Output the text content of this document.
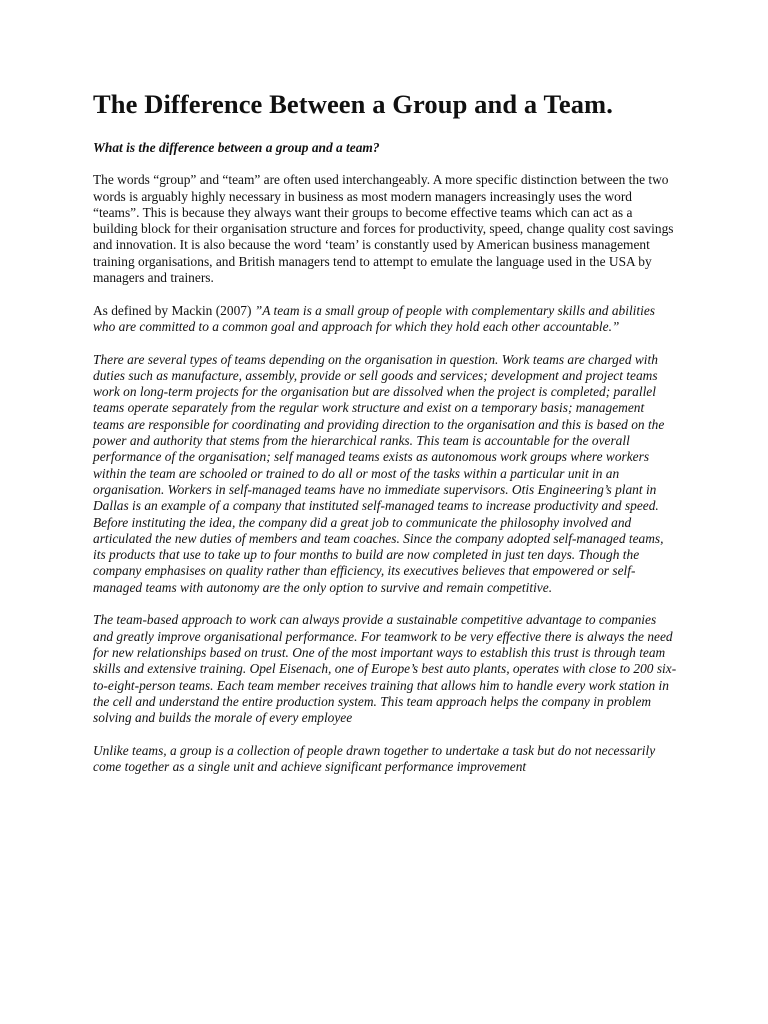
The Difference Between a Group and a Team.

What is the difference between a group and a team?

The words “group” and “team” are often used interchangeably. A more specific distinction between the two words is arguably highly necessary in business as most modern managers increasingly uses the word “teams”. This is because they always want their groups to become effective teams which can act as a building block for their organisation structure and forces for productivity, speed, change quality cost savings and innovation. It is also because the word ‘team’ is constantly used by American business management training organisations, and British managers tend to attempt to emulate the language used in the USA by managers and trainers.

As defined by Mackin (2007) ”A team is a small group of people with complementary skills and abilities who are committed to a common goal and approach for which they hold each other accountable.”

There are several types of teams depending on the organisation in question. Work teams are charged with duties such as manufacture, assembly, provide or sell goods and services; development and project teams work on long-term projects for the organisation but are dissolved when the project is completed; parallel teams operate separately from the regular work structure and exist on a temporary basis; management teams are responsible for coordinating and providing direction to the organisation and this is based on the power and authority that stems from the hierarchical ranks. This team is accountable for the overall performance of the organisation; self managed teams exists as autonomous work groups where workers within the team are schooled or trained to do all or most of the tasks within a particular unit in an organisation. Workers in self-managed teams have no immediate supervisors. Otis Engineering’s plant in Dallas is an example of a company that instituted self-managed teams to increase productivity and speed. Before instituting the idea, the company did a great job to communicate the philosophy involved and articulated the new duties of members and team coaches. Since the company adopted self-managed teams, its products that use to take up to four months to build are now completed in just ten days. Though the company emphasises on quality rather than efficiency, its executives believes that empowered or self-managed teams with autonomy are the only option to survive and remain competitive.

The team-based approach to work can always provide a sustainable competitive advantage to companies and greatly improve organisational performance. For teamwork to be very effective there is always the need for new relationships based on trust. One of the most important ways to establish this trust is through team skills and extensive training. Opel Eisenach, one of Europe’s best auto plants, operates with close to 200 six-to-eight-person teams. Each team member receives training that allows him to handle every work station in the cell and understand the entire production system. This team approach helps the company in problem solving and builds the morale of every employee

Unlike teams, a group is a collection of people drawn together to undertake a task but do not necessarily come together as a single unit and achieve significant performance improvement
